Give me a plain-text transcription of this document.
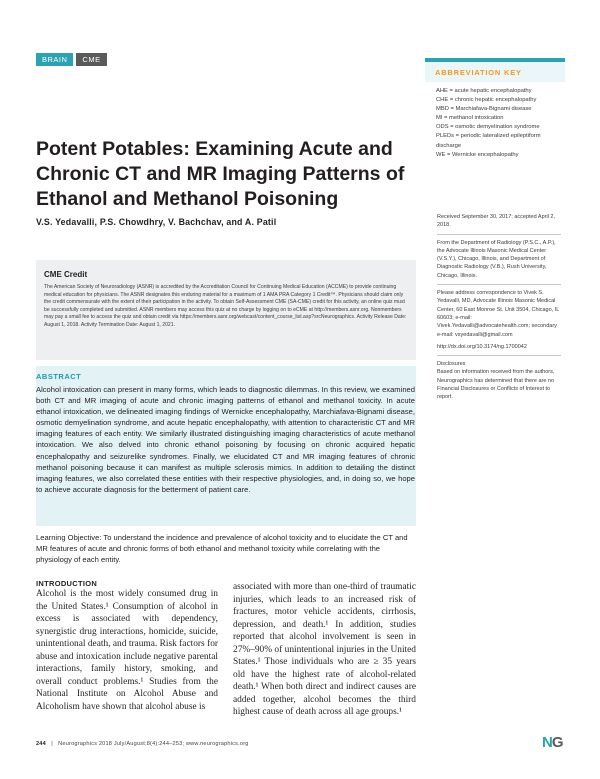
BRAIN	CME
Potent Potables: Examining Acute and Chronic CT and MR Imaging Patterns of Ethanol and Methanol Poisoning
V.S. Yedavalli, P.S. Chowdhry, V. Bachchav, and A. Patil
CME Credit
The American Society of Neuroradiology (ASNR) is accredited by the Accreditation Council for Continuing Medical Education (ACCME) to provide continuing medical education for physicians. The ASNR designates this enduring material for a maximum of 1 AMA PRA Category 1 Credit™. Physicians should claim only the credit commensurate with the extent of their participation in the activity. To obtain Self-Assessment CME (SA-CME) credit for this activity, an online quiz must be successfully completed and submitted. ASNR members may access this quiz at no charge by logging on to eCME at http://members.asnr.org. Nonmembers may pay a small fee to access the quiz and obtain credit via https://members.asnr.org/webcast/content_course_list.asp?srcNeurographics. Activity Release Date: August 1, 2018. Activity Termination Date: August 1, 2021.
ABSTRACT
Alcohol intoxication can present in many forms, which leads to diagnostic dilemmas. In this review, we examined both CT and MR imaging of acute and chronic imaging patterns of ethanol and methanol toxicity. In acute ethanol intoxication, we delineated imaging findings of Wernicke encephalopathy, Marchiafava-Bignami disease, osmotic demyelination syndrome, and acute hepatic encephalopathy, with attention to characteristic CT and MR imaging features of each entity. We similarly illustrated distinguishing imaging characteristics of acute methanol intoxication. We also delved into chronic ethanol poisoning by focusing on chronic acquired hepatic encephalopathy and seizurelike syndromes. Finally, we elucidated CT and MR imaging features of chronic methanol poisoning because it can manifest as multiple sclerosis mimics. In addition to detailing the distinct imaging features, we also correlated these entities with their respective physiologies, and, in doing so, we hope to achieve accurate diagnosis for the betterment of patient care.
Learning Objective: To understand the incidence and prevalence of alcohol toxicity and to elucidate the CT and MR features of acute and chronic forms of both ethanol and methanol toxicity while correlating with the physiology of each entity.
INTRODUCTION
Alcohol is the most widely consumed drug in the United States.¹ Consumption of alcohol in excess is associated with dependency, synergistic drug interactions, homicide, suicide, unintentional death, and trauma. Risk factors for abuse and intoxication include negative parental interactions, family history, smoking, and overall conduct problems.¹ Studies from the National Institute on Alcohol Abuse and Alcoholism have shown that alcohol abuse is
associated with more than one-third of traumatic injuries, which leads to an increased risk of fractures, motor vehicle accidents, cirrhosis, depression, and death.¹ In addition, studies reported that alcohol involvement is seen in 27%–90% of unintentional injuries in the United States.¹ Those individuals who are ≥ 35 years old have the highest rate of alcohol-related death.¹ When both direct and indirect causes are added together, alcohol becomes the third highest cause of death across all age groups.¹
ABBREVIATION KEY
AHE = acute hepatic encephalopathy
CHE = chronic hepatic encephalopathy
MBD = Marchiafava-Bignami disease
MI = methanol intoxication
ODS = osmotic demyelination syndrome
PLEDs = periodic lateralized epileptiform discharge
WE = Wernicke encephalopathy
Received September 30, 2017; accepted April 2, 2018.
From the Department of Radiology (P.S.C., A.P.), the Advocate Illinois Masonic Medical Center (V.S.Y.), Chicago, Illinois, and Department of Diagnostic Radiology (V.B.), Rush University, Chicago, Illinois.
Please address correspondence to Vivek S. Yedavalli, MD, Advocate Illinois Masonic Medical Center, 60 East Monroe St. Unit 3504, Chicago, IL 60603; e-mail: Vivek.Yedavalli@advocatehealth.com; secondary e-mail: vsyedavalli@gmail.com
http://dx.doi.org/10.3174/ng.1700042
Disclosures
Based on information received from the authors, Neurographics has determined that there are no Financial Disclosures or Conflicts of Interest to report.
244   |   Neurographics 2018 July/August;8(4):244–253; www.neurographics.org	N G
